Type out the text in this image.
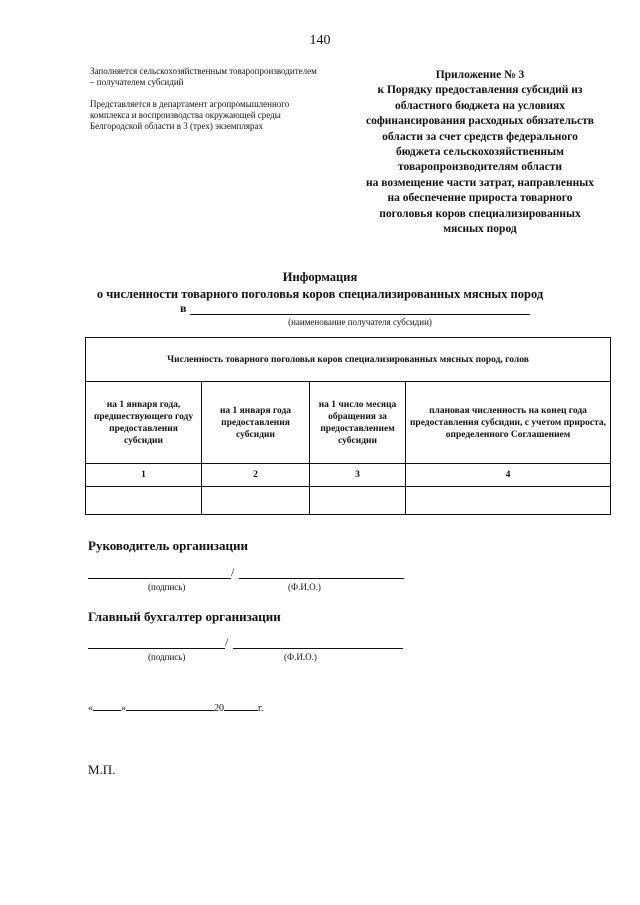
140
Заполняется сельскохозяйственным товаропроизводителем – получателем субсидий
Представляется в департамент агропромышленного комплекса и воспроизводства окружающей среды Белгородской области в 3 (трех) экземплярах
Приложение № 3
к Порядку предоставления субсидий из
областного бюджета на условиях
софинансирования расходных обязательств
области за счет средств федерального
бюджета сельскохозяйственным
товаропроизводителям области
на возмещение части затрат, направленных
на обеспечение прироста товарного
поголовья коров специализированных
мясных пород
Информация
о численности товарного поголовья коров специализированных мясных пород
в
(наименование получателя субсидии)
Численность товарного поголовья коров специализированных мясных пород, голов			
на 1 января года, предшествующего году предоставления субсидии	на 1 января года предоставления субсидии	на 1 число месяца обращения за предоставлением субсидии	плановая численность на конец года предоставления субсидии, с учетом прироста, определенного Соглашением
1	2	3	4

Руководитель организации
/
(подпись)	(Ф.И.О.)
Главный бухгалтер организации
/
(подпись)	(Ф.И.О.)
«	»	20	г.
М.П.
